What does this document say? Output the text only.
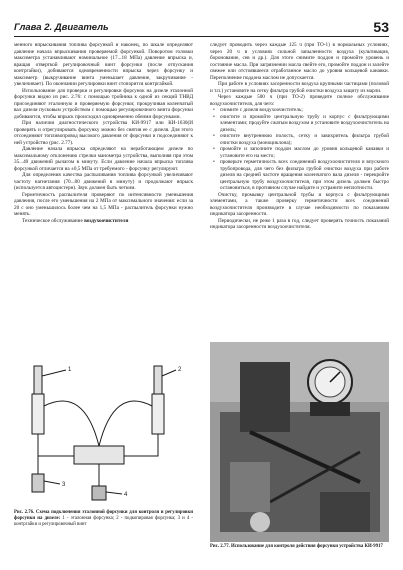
Глава 2. Двигатель	53

менного впрыскивания топлива форсункой и наконец, по шкале определяют давление начала впрыскивания проверяемой форсункой. Поворотом головки максиметра устанавливают номинальное (17...18 МПа) давление впрыска и, вращая отверткой регулировочный винт форсунки (после отпускания контргайки), добиваются одновременности впрыска через форсунку и максиметр (выкручивание винта уменьшает давление, закручивание - увеличивает). По окончании регулировки винт стопорится контргайкой.

Использование для проверки и регулировки форсунок на дизеле эталонной форсунки видно из рис. 2.76: с помощью тройника к одной из секций ТНВД присоединяют эталонную и проверяемую форсунки; прокручивая коленчатый вал дизеля пусковым устройством с помощью регулировочного винта форсунки добиваются, чтобы впрыск происходил одновременно обеими форсунками.

При наличии диагностического устройства КИ-9917 или КИ-1630(И проверять и отрегулировать форсунку можно без снятия ее с дизеля. Для этого отсоединяют топливопровод высокого давления от форсунки и подсоединяют к ней устройство (рис. 2.77).

Давление начала впрыска определяют на неработающем дизеле по максимальному отклонению стрелки манометра устройства, выполняя при этом 35...40 движений рычагом в минуту. Если давление начала впрыска топлива форсункой отличается на ±0,5 МПа от требуемого - форсунку регулируют.

Для определения качества распыливания топлива форсункой увеличивают частоту нагнетания (70...80 движений в минуту) и продолжают впрыск (используется автоцистерн). Звук должен быть четким.

Герметичность распылителя проверяют по интенсивности уменьшения давления, после его уменьшения на 2 МПа от максимального значения: если за 20 с оно уменьшилось более чем на 1,5 МПа - распылитель форсунки нужно менять.

Техническое обслуживание воздухоочистителя

следует проводить через каждые 125 ч (при ТО-1) в нормальных условиях, через 20 ч в условиях сильной запыленности воздуха (культивация, боронование, сев и др.). Для этого снимите поддон и промойте уровень и состояние масла. При загрязнении масла свейте его, промойте поддон и залейте свежее или отстоявшееся отработанное масло до уровня кольцевой канавки. Переполнение поддона маслом не допускается.

При работе в условиях засоренности воздуха крупными частицами (половой и т.п.) установите на сетку фильтра грубой очистки воздуха защиту из марли.

Через каждые 500 ч (при ТО-2) проведите полное обслуживание воздухоочистителя, для чего:

• снимите с дизеля воздухоочиститель;
• очистите и промойте центральную трубу и корпус с фильтрующими элементами; продуйте сжатым воздухом и установите воздухоочиститель на дизель;
• очистите внутреннюю полость, сетку и завихритель фильтра грубой очистки воздуха (моноциклона);
• промойте и заполните поддон маслом до уровня кольцевой канавки и установите его на место;
• проверьте герметичность всех соединений воздухоочистителя и впускного трубопровода, для чего без фильтра грубой очистки воздуха при работе дизеля на средней частоте вращения коленчатого вала дизеля - перекройте центральную трубу воздухоочистителя, при этом дизель должен быстро остановиться, в противном случае найдите и устраните неплотности.

Очистку, промывку центральной трубы и корпуса с фильтрующими элементами, а также проверку герметичности всех соединений воздухоочистителя производите в случае необходимости по показаниям индикатора засоренности.

Периодически, не реже 1 раза в год, следует проверять точность показаний индикатора засоренности воздухоочистителя.

1	2
3
4
Рис. 2.76. Схема подключения эталонной форсунки для контроля и регулировки форсунки на дизеле: 1 - эталонная форсунка; 2 - подкопировая форсунка; 3 и 4 - контргайки и регулировочный винт
Рис. 2.77. Использование для контроля действия форсунки устройства КИ-9917
